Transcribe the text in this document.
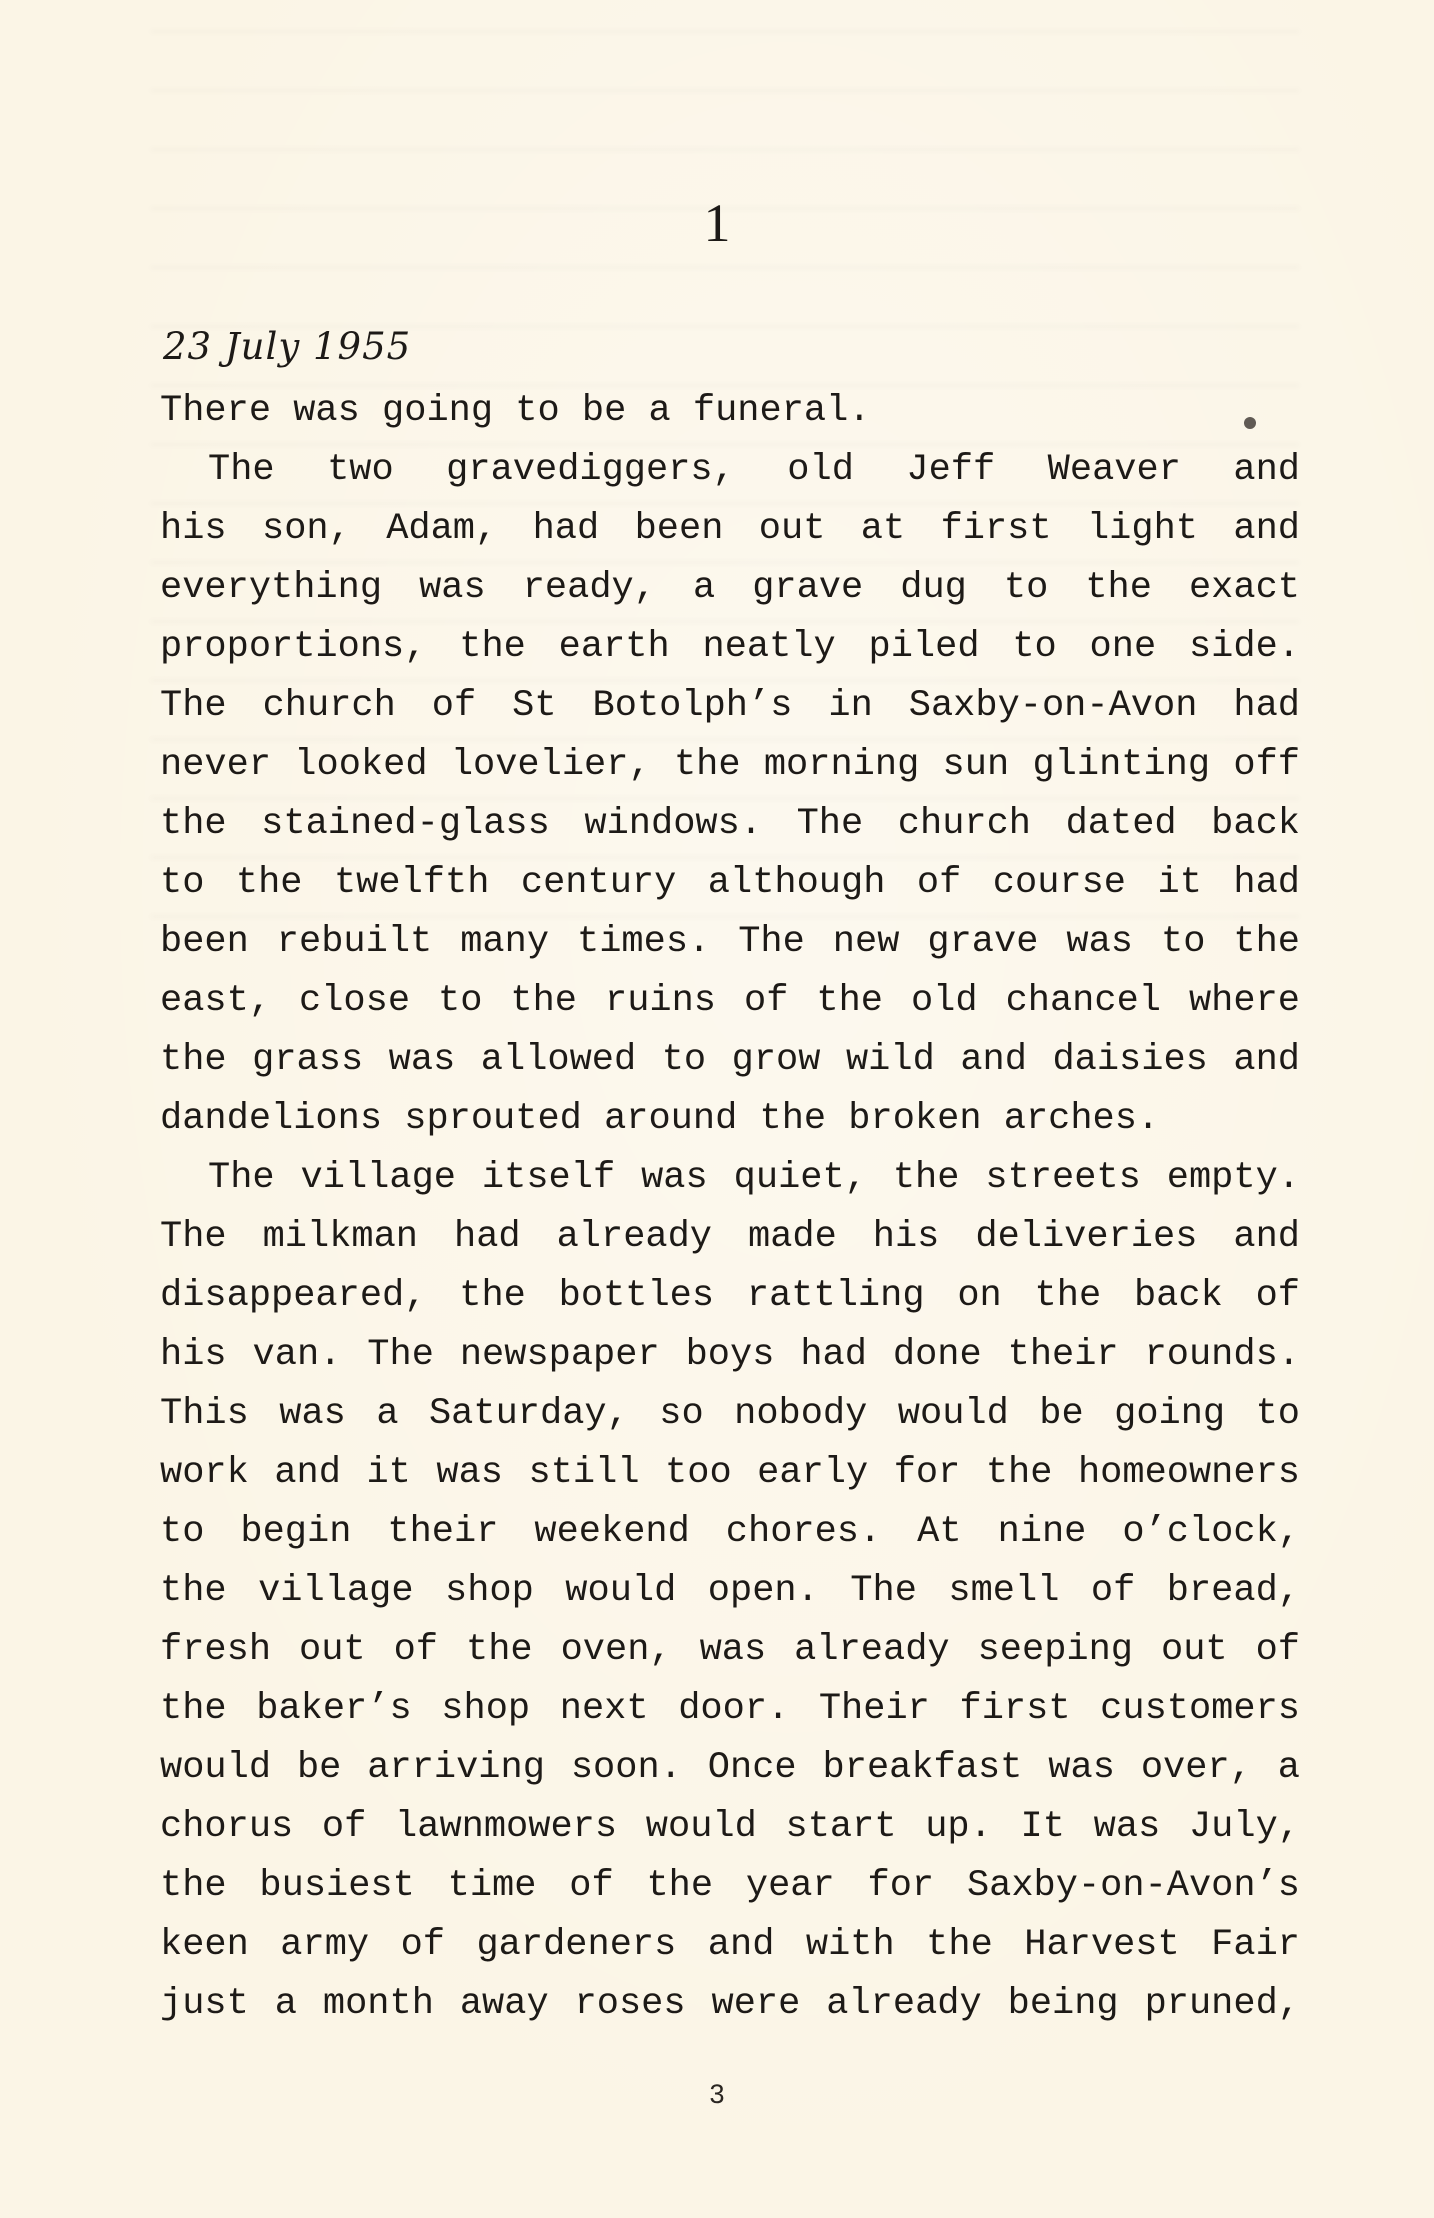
1
23 July 1955
There was going to be a funeral.
The two gravediggers, old Jeff Weaver and
his son, Adam, had been out at first light and
everything was ready, a grave dug to the exact
proportions, the earth neatly piled to one side.
The church of St Botolph’s in Saxby-on-Avon had
never looked lovelier, the morning sun glinting off
the stained-glass windows. The church dated back
to the twelfth century although of course it had
been rebuilt many times. The new grave was to the
east, close to the ruins of the old chancel where
the grass was allowed to grow wild and daisies and
dandelions sprouted around the broken arches.
The village itself was quiet, the streets empty.
The milkman had already made his deliveries and
disappeared, the bottles rattling on the back of
his van. The newspaper boys had done their rounds.
This was a Saturday, so nobody would be going to
work and it was still too early for the homeowners
to begin their weekend chores. At nine o’clock,
the village shop would open. The smell of bread,
fresh out of the oven, was already seeping out of
the baker’s shop next door. Their first customers
would be arriving soon. Once breakfast was over, a
chorus of lawnmowers would start up. It was July,
the busiest time of the year for Saxby-on-Avon’s
keen army of gardeners and with the Harvest Fair
just a month away roses were already being pruned,
3
